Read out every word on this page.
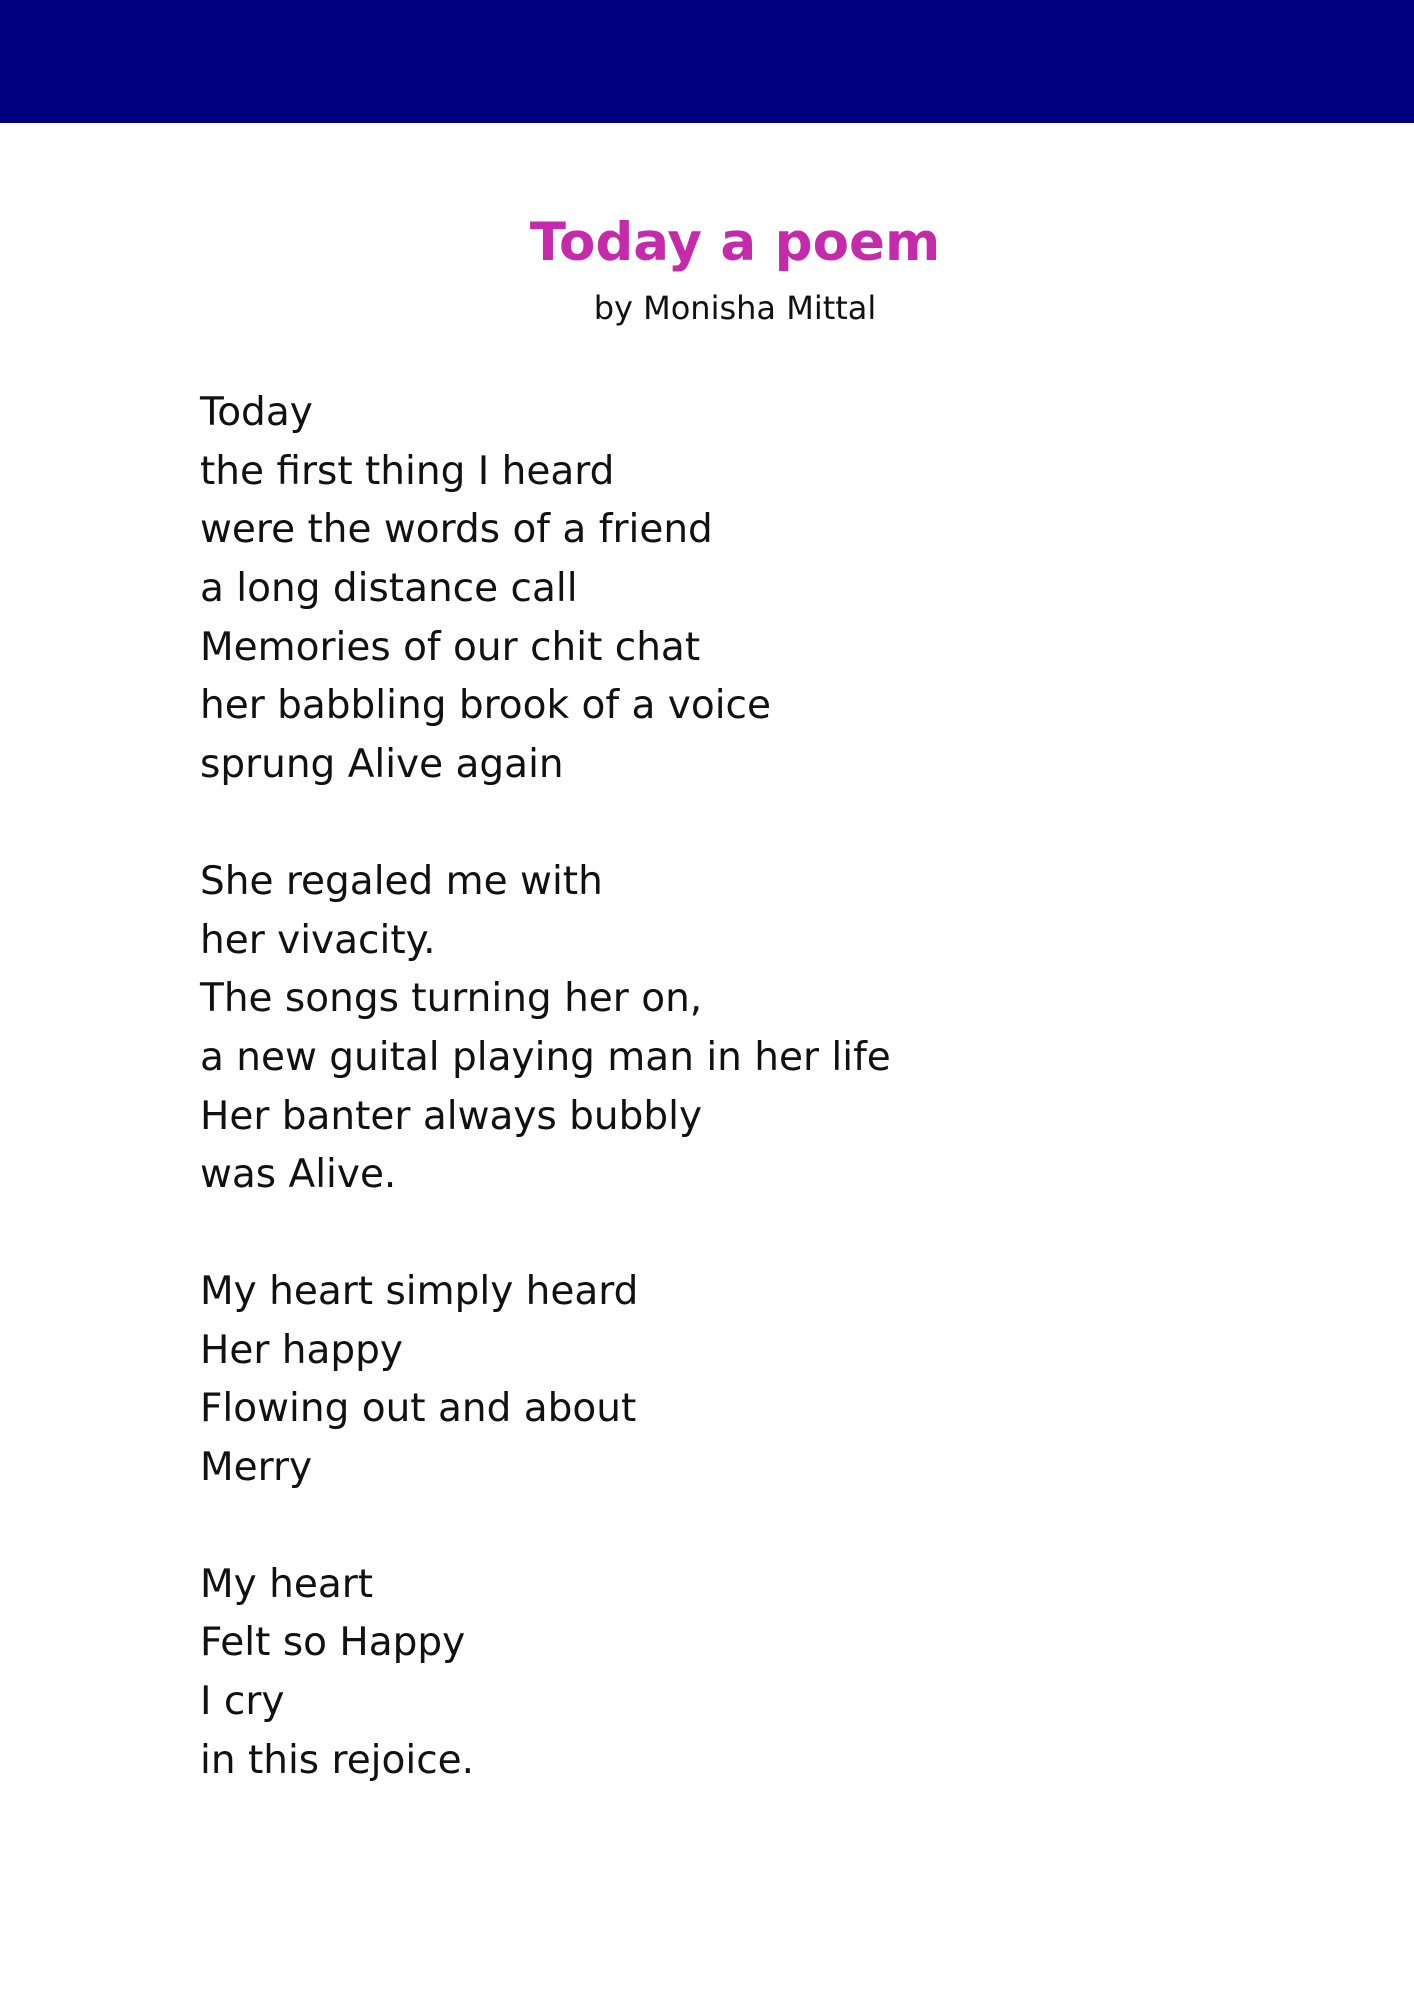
Today a poem
by Monisha Mittal
Today
the first thing I heard
were the words of a friend
a long distance call
Memories of our chit chat
her babbling brook of a voice
sprung Alive again
She regaled me with
her vivacity.
The songs turning her on,
a new guital playing man in her life
Her banter always bubbly
was Alive.
My heart simply heard
Her happy
Flowing out and about
Merry
My heart
Felt so Happy
I cry
in this rejoice.
